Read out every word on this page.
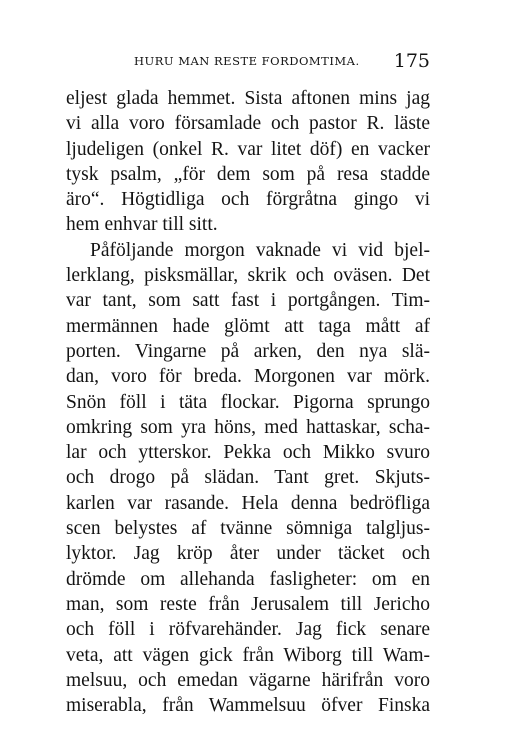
HURU MAN RESTE FORDOMTIMA. 175
eljest glada hemmet. Sista aftonen mins jag
vi alla voro församlade och pastor R. läste
ljudeligen (onkel R. var litet döf) en vacker
tysk psalm, „för dem som på resa stadde
äro“. Högtidliga och förgråtna gingo vi
hem enhvar till sitt.
Påföljande morgon vaknade vi vid bjel-
lerklang, pisksmällar, skrik och oväsen. Det
var tant, som satt fast i portgången. Tim-
mermännen hade glömt att taga mått af
porten. Vingarne på arken, den nya slä-
dan, voro för breda. Morgonen var mörk.
Snön föll i täta flockar. Pigorna sprungo
omkring som yra höns, med hattaskar, scha-
lar och ytterskor. Pekka och Mikko svuro
och drogo på slädan. Tant gret. Skjuts-
karlen var rasande. Hela denna bedröfliga
scen belystes af tvänne sömniga talgljus-
lyktor. Jag kröp åter under täcket och
drömde om allehanda fasligheter: om en
man, som reste från Jerusalem till Jericho
och föll i röfvarehänder. Jag fick senare
veta, att vägen gick från Wiborg till Wam-
melsuu, och emedan vägarne härifrån voro
miserabla, från Wammelsuu öfver Finska
